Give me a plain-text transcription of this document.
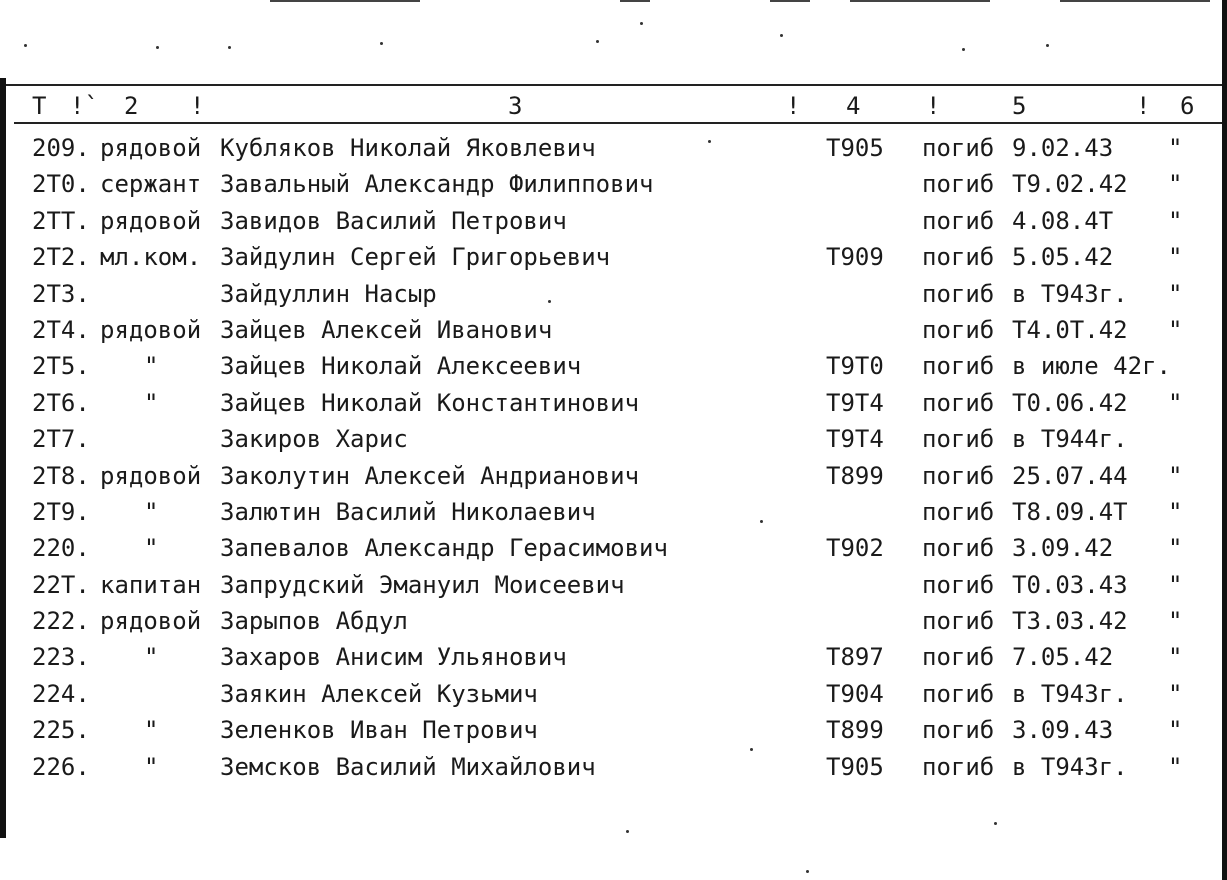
Т !` 2 !	3	! 4	!	5	! 6
209. рядовой Кубляков Николай Яковлевич	Т905 погиб 9.02.43 "
2Т0. сержант Завальный Александр Филиппович	погиб Т9.02.42 "
2ТТ. рядовой Завидов Василий Петрович	погиб 4.08.4Т "
2Т2. мл.ком. Зайдулин Сергей Григорьевич	Т909 погиб 5.05.42 "
2Т3.	Зайдуллин Насыр	погиб в Т943г. "
2Т4. рядовой Зайцев Алексей Иванович	погиб Т4.0Т.42 "
2Т5. "	Зайцев Николай Алексеевич	Т9Т0 погиб в июле 42г.
2Т6. "	Зайцев Николай Константинович	Т9Т4 погиб Т0.06.42 "
2Т7.	Закиров Харис	Т9Т4 погиб в Т944г.
2Т8. рядовой Заколутин Алексей Андрианович	Т899 погиб 25.07.44 "
2Т9. "	Залютин Василий Николаевич	погиб Т8.09.4Т "
220. "	Запевалов Александр Герасимович	Т902 погиб 3.09.42 "
22Т. капитан Запрудский Эмануил Моисеевич	погиб Т0.03.43 "
222. рядовой Зарыпов Абдул	погиб Т3.03.42 "
223. "	Захаров Анисим Ульянович	Т897 погиб 7.05.42 "
224.	Заякин Алексей Кузьмич	Т904 погиб в Т943г. "
225. "	Зеленков Иван Петрович	Т899 погиб 3.09.43 "
226. "	Земсков Василий Михайлович	Т905 погиб в Т943г. "
